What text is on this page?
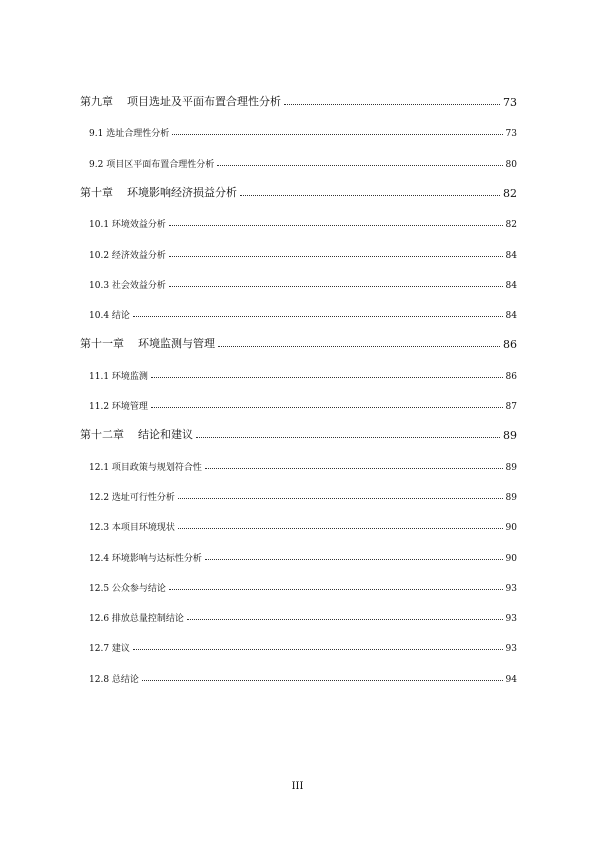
第九章 项目选址及平面布置合理性分析	73
9.1 选址合理性分析	73
9.2 项目区平面布置合理性分析	80
第十章 环境影响经济损益分析	82
10.1 环境效益分析	82
10.2 经济效益分析	84
10.3 社会效益分析	84
10.4 结论	84
第十一章 环境监测与管理	86
11.1 环境监测	86
11.2 环境管理	87
第十二章 结论和建议	89
12.1 项目政策与规划符合性	89
12.2 选址可行性分析	89
12.3 本项目环境现状	90
12.4 环境影响与达标性分析	90
12.5 公众参与结论	93
12.6 排放总量控制结论	93
12.7 建议	93
12.8 总结论	94
III
